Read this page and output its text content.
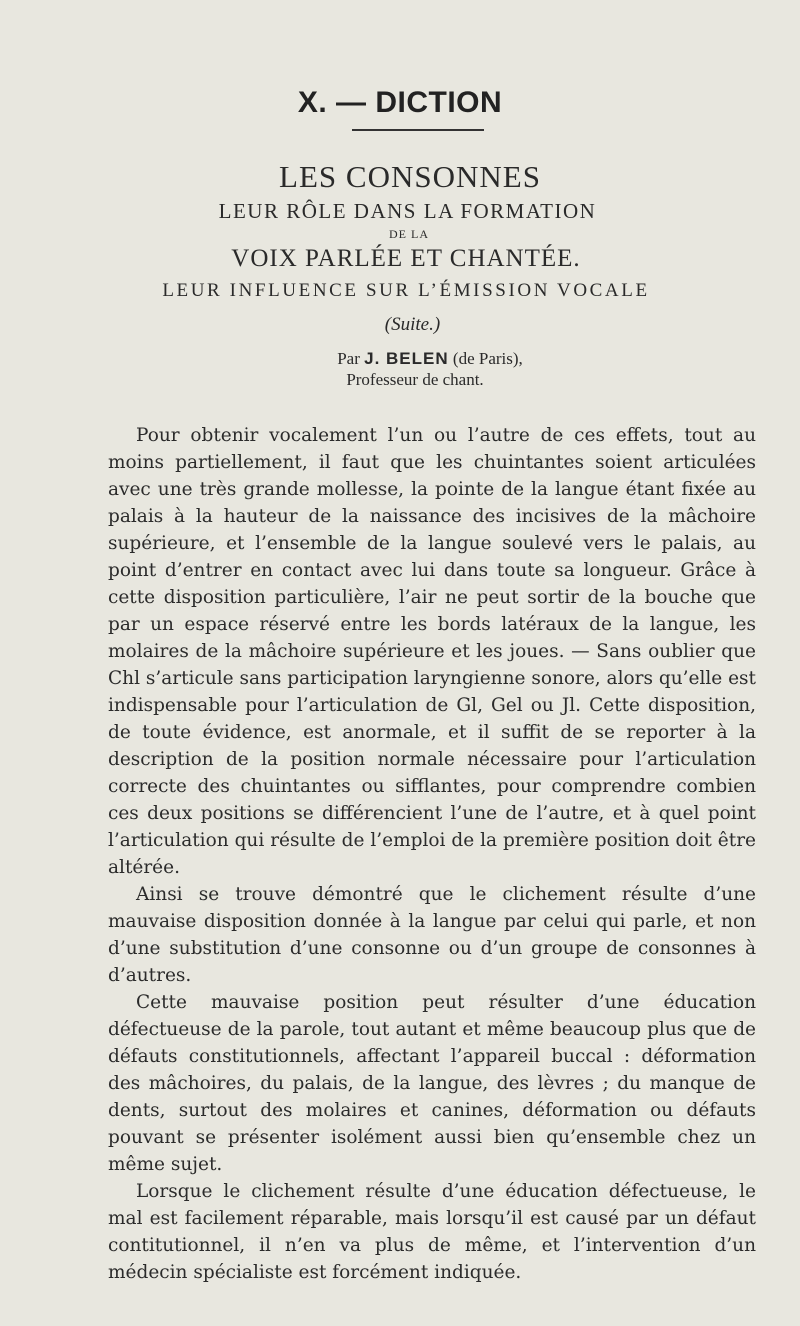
X. — DICTION
LES CONSONNES
LEUR RÔLE DANS LA FORMATION
DE LA
VOIX PARLÉE ET CHANTÉE.
LEUR INFLUENCE SUR L’ÉMISSION VOCALE
(Suite.)
Par J. BELEN (de Paris),
Professeur de chant.

Pour obtenir vocalement l’un ou l’autre de ces effets, tout au moins partiellement, il faut que les chuintantes soient articulées avec une très grande mollesse, la pointe de la langue étant fixée au palais à la hauteur de la naissance des incisives de la mâchoire supérieure, et l’ensemble de la langue soulevé vers le palais, au point d’entrer en contact avec lui dans toute sa longueur. Grâce à cette disposition particulière, l’air ne peut sortir de la bouche que par un espace réservé entre les bords latéraux de la langue, les molaires de la mâchoire supérieure et les joues. — Sans oublier que Chl s’articule sans participation laryngienne sonore, alors qu’elle est indispensable pour l’articulation de Gl, Gel ou Jl. Cette disposition, de toute évidence, est anormale, et il suffit de se reporter à la description de la position normale nécessaire pour l’articulation correcte des chuintantes ou sifflantes, pour comprendre combien ces deux positions se différencient l’une de l’autre, et à quel point l’articulation qui résulte de l’emploi de la première position doit être altérée.

Ainsi se trouve démontré que le clichement résulte d’une mauvaise disposition donnée à la langue par celui qui parle, et non d’une substitution d’une consonne ou d’un groupe de consonnes à d’autres.

Cette mauvaise position peut résulter d’une éducation défectueuse de la parole, tout autant et même beaucoup plus que de défauts constitutionnels, affectant l’appareil buccal : déformation des mâchoires, du palais, de la langue, des lèvres ; du manque de dents, surtout des molaires et canines, déformation ou défauts pouvant se présenter isolément aussi bien qu’ensemble chez un même sujet.

Lorsque le clichement résulte d’une éducation défectueuse, le mal est facilement réparable, mais lorsqu’il est causé par un défaut contitutionnel, il n’en va plus de même, et l’intervention d’un médecin spécialiste est forcément indiquée.
